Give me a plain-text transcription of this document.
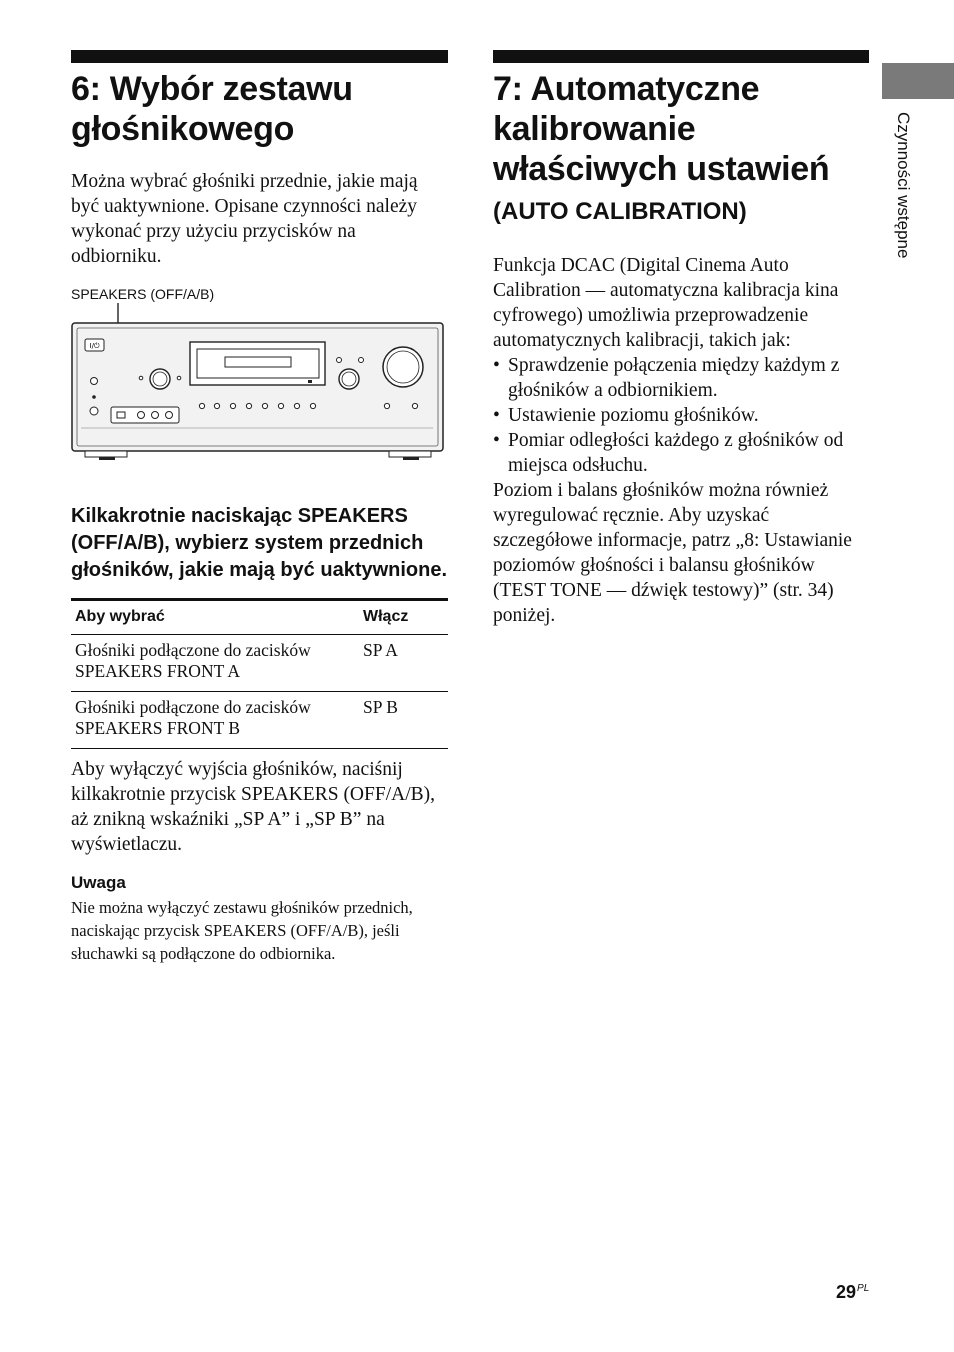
Czynności wstępne
6: Wybór zestawu głośnikowego

Można wybrać głośniki przednie, jakie mają być uaktywnione. Opisane czynności należy wykonać przy użyciu przycisków na odbiorniku.

SPEAKERS (OFF/A/B)
I/⏻
Kilkakrotnie naciskając SPEAKERS (OFF/A/B), wybierz system przednich głośników, jakie mają być uaktywnione.
Aby wybrać	Włącz
Głośniki podłączone do zacisków SPEAKERS FRONT A	SP A
Głośniki podłączone do zacisków SPEAKERS FRONT B	SP B

Aby wyłączyć wyjścia głośników, naciśnij kilkakrotnie przycisk SPEAKERS (OFF/A/B), aż znikną wskaźniki „SP A” i „SP B” na wyświetlaczu.

Uwaga
Nie można wyłączyć zestawu głośników przednich, naciskając przycisk SPEAKERS (OFF/A/B), jeśli słuchawki są podłączone do odbiornika.
7: Automatyczne kalibrowanie właściwych ustawień
(AUTO CALIBRATION)

Funkcja DCAC (Digital Cinema Auto Calibration — automatyczna kalibracja kina cyfrowego) umożliwia przeprowadzenie automatycznych kalibracji, takich jak:

• Sprawdzenie połączenia między każdym z głośników a odbiornikiem.
• Ustawienie poziomu głośników.
• Pomiar odległości każdego z głośników od miejsca odsłuchu.

Poziom i balans głośników można również wyregulować ręcznie. Aby uzyskać szczegółowe informacje, patrz „8: Ustawianie poziomów głośności i balansu głośników (TEST TONE — dźwięk testowy)” (str. 34) poniżej.

$29^{PL}$
